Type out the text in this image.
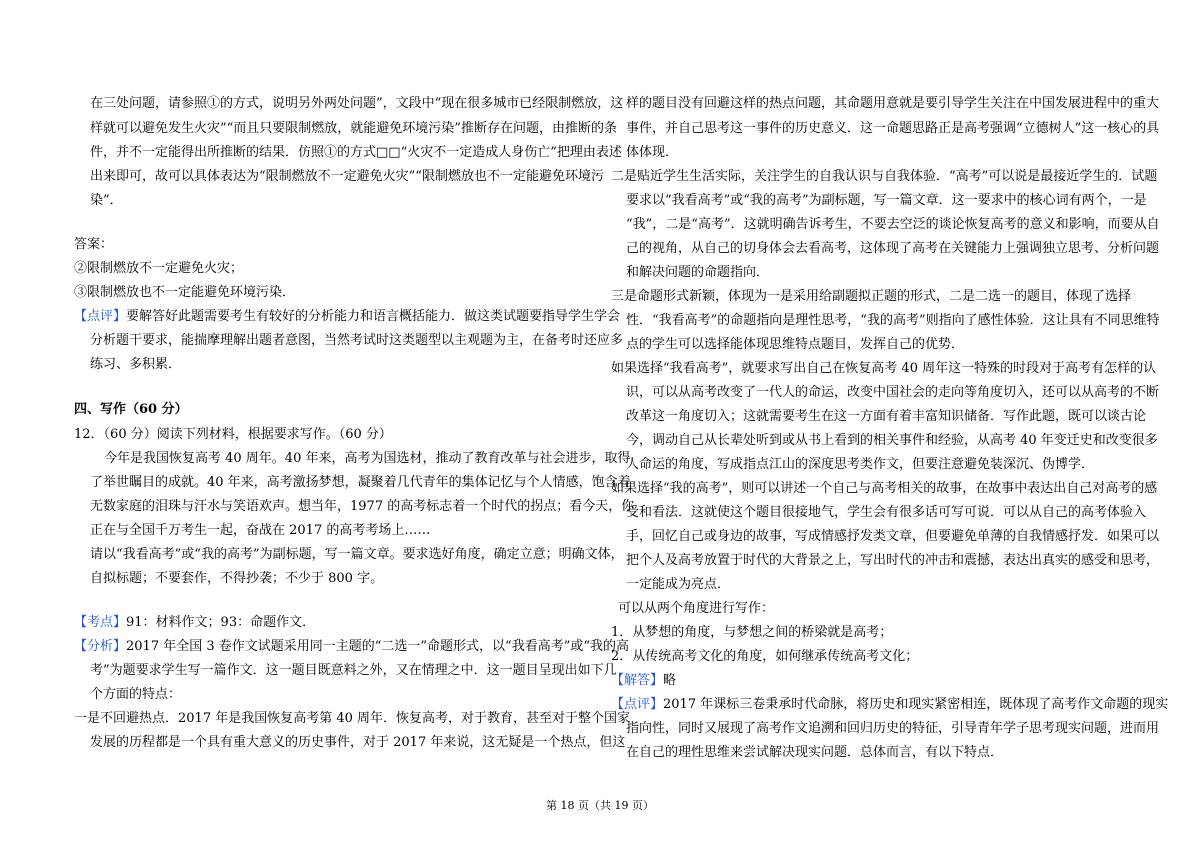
在三处问题，请参照①的方式，说明另外两处问题”，文段中“现在很多城市已经限制燃放，这
样就可以避免发生火灾”“而且只要限制燃放，就能避免环境污染”推断存在问题，由推断的条
件，并不一定能得出所推断的结果．仿照①的方式□□“火灾不一定造成人身伤亡”把理由表述
出来即可，故可以具体表达为“限制燃放不一定避免火灾”“限制燃放也不一定能避免环境污
染”．
答案：
②限制燃放不一定避免火灾；
③限制燃放也不一定能避免环境污染．
【点评】要解答好此题需要考生有较好的分析能力和语言概括能力．做这类试题要指导学生学会
分析题干要求，能揣摩理解出题者意图，当然考试时这类题型以主观题为主，在备考时还应多
练习、多积累．
四、写作（60 分）
12．（60 分）阅读下列材料，根据要求写作。（60 分）
今年是我国恢复高考 40 周年。40 年来，高考为国选材，推动了教育改革与社会进步，取得
了举世瞩目的成就。40 年来，高考激扬梦想，凝聚着几代青年的集体记忆与个人情感，饱含着
无数家庭的泪珠与汗水与笑语欢声。想当年，1977 的高考标志着一个时代的拐点；看今天，你
正在与全国千万考生一起，奋战在 2017 的高考考场上……
请以“我看高考”或“我的高考”为副标题，写一篇文章。要求选好角度，确定立意；明确文体，
自拟标题；不要套作，不得抄袭；不少于 800 字。
【考点】91：材料作文；93：命题作文．
【分析】2017 年全国 3 卷作文试题采用同一主题的“二选一”命题形式，以“我看高考”或“我的高
考”为题要求学生写一篇作文．这一题目既意料之外，又在情理之中．这一题目呈现出如下几
个方面的特点：
一是不回避热点．2017 年是我国恢复高考第 40 周年．恢复高考，对于教育，甚至对于整个国家
发展的历程都是一个具有重大意义的历史事件，对于 2017 年来说，这无疑是一个热点，但这
样的题目没有回避这样的热点问题，其命题用意就是要引导学生关注在中国发展进程中的重大
事件，并自己思考这一事件的历史意义．这一命题思路正是高考强调“立德树人”这一核心的具
体体现．
二是贴近学生生活实际，关注学生的自我认识与自我体验．“高考”可以说是最接近学生的．试题
要求以“我看高考”或“我的高考”为副标题，写一篇文章．这一要求中的核心词有两个，一是
“我”，二是“高考”．这就明确告诉考生，不要去空泛的谈论恢复高考的意义和影响，而要从自
己的视角，从自己的切身体会去看高考，这体现了高考在关键能力上强调独立思考、分析问题
和解决问题的命题指向．
三是命题形式新颖，体现为一是采用给副题拟正题的形式，二是二选一的题目，体现了选择
性．“我看高考”的命题指向是理性思考，“我的高考”则指向了感性体验．这让具有不同思维特
点的学生可以选择能体现思维特点题目，发挥自己的优势．
如果选择“我看高考”，就要求写出自己在恢复高考 40 周年这一特殊的时段对于高考有怎样的认
识，可以从高考改变了一代人的命运，改变中国社会的走向等角度切入，还可以从高考的不断
改革这一角度切入；这就需要考生在这一方面有着丰富知识储备．写作此题，既可以谈古论
今，调动自己从长辈处听到或从书上看到的相关事件和经验，从高考 40 年变迁史和改变很多
人命运的角度，写成指点江山的深度思考类作文，但要注意避免装深沉、伪博学．
如果选择“我的高考”，则可以讲述一个自己与高考相关的故事，在故事中表达出自己对高考的感
受和看法．这就使这个题目很接地气，学生会有很多话可写可说．可以从自己的高考体验入
手，回忆自己或身边的故事，写成情感抒发类文章，但要避免单薄的自我情感抒发．如果可以
把个人及高考放置于时代的大背景之上，写出时代的冲击和震撼，表达出真实的感受和思考，
一定能成为亮点．
可以从两个角度进行写作：
1．从梦想的角度，与梦想之间的桥梁就是高考；
2．从传统高考文化的角度，如何继承传统高考文化；
【解答】略
【点评】2017 年课标三卷秉承时代命脉，将历史和现实紧密相连，既体现了高考作文命题的现实
指向性，同时又展现了高考作文追溯和回归历史的特征，引导青年学子思考现实问题，进而用
在自己的理性思维来尝试解决现实问题．总体而言，有以下特点．
第 18 页（共 19 页）
